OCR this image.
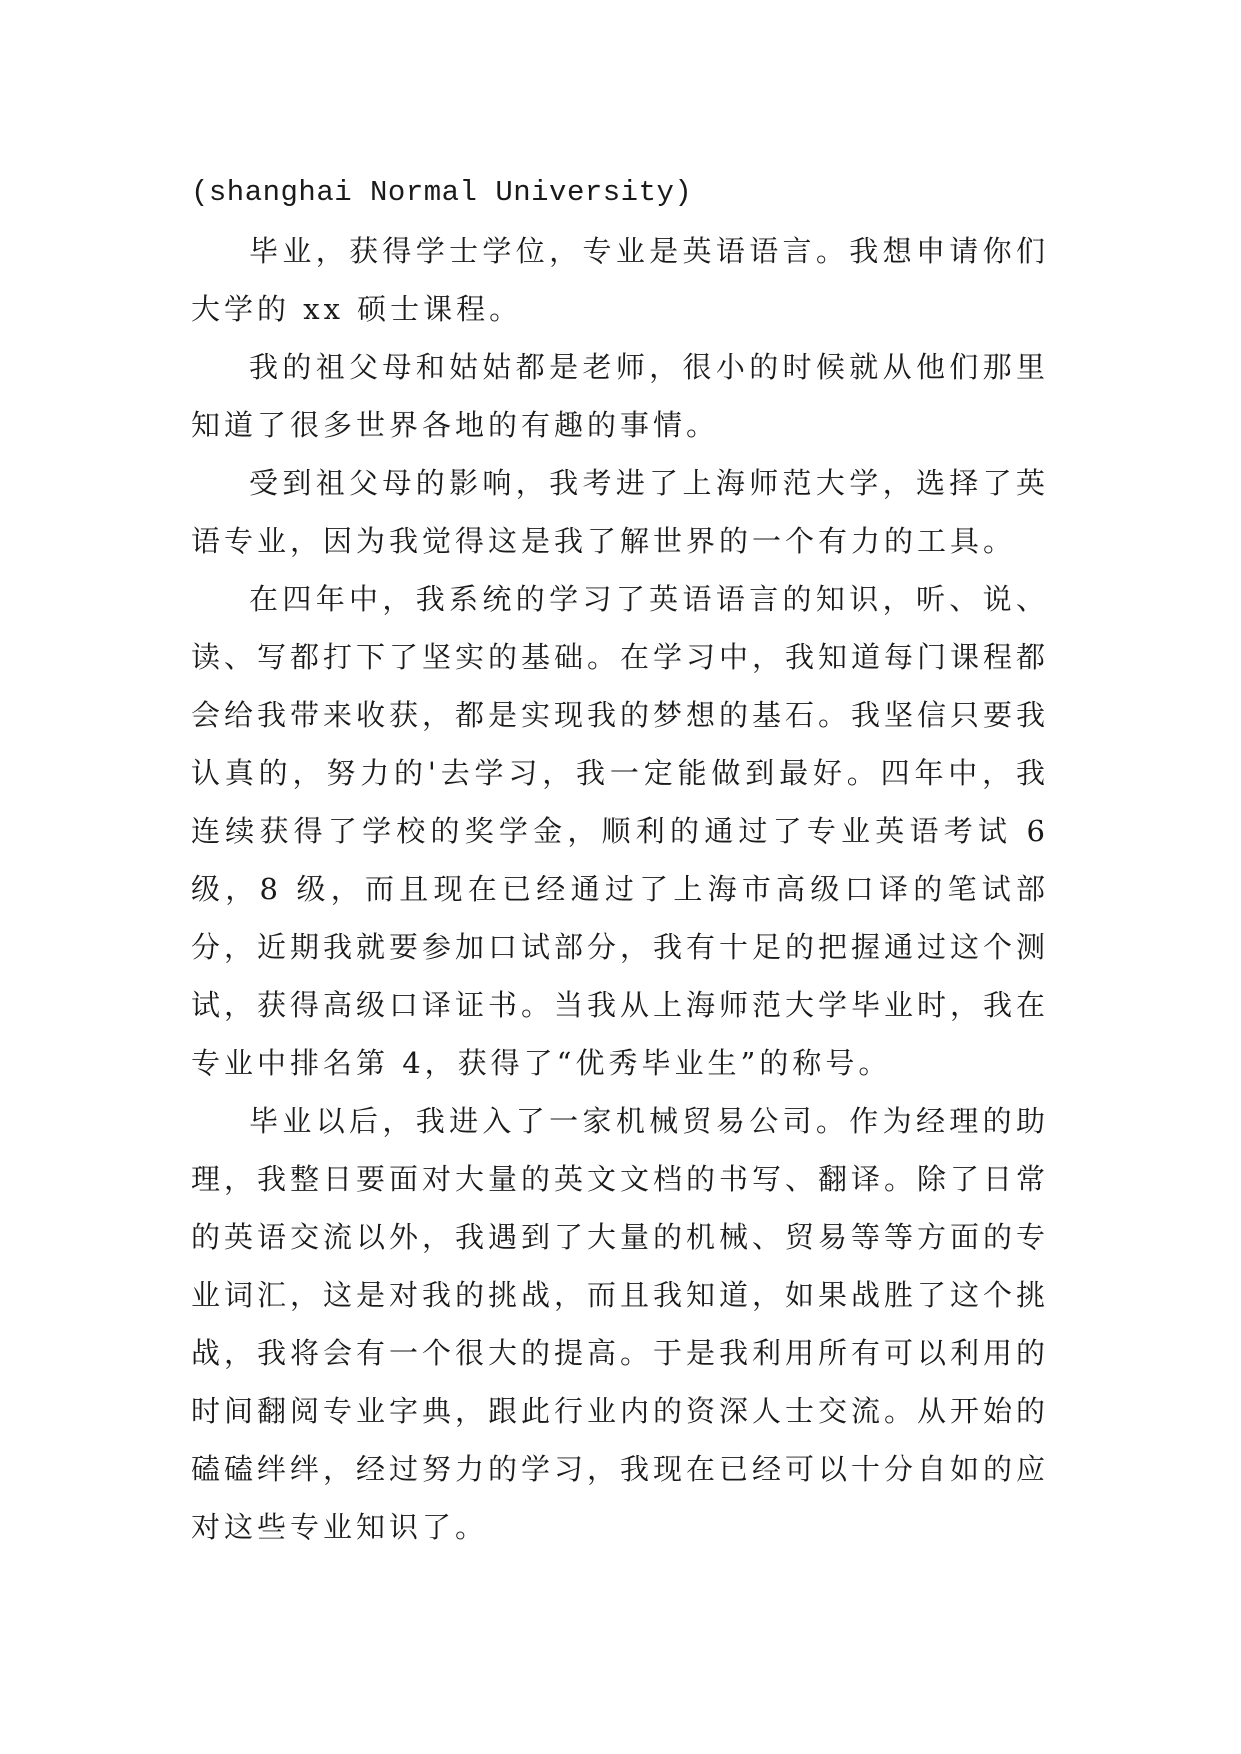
(shanghai Normal University)

毕业，获得学士学位，专业是英语语言。我想申请你们大学的 xx 硕士课程。

我的祖父母和姑姑都是老师，很小的时候就从他们那里知道了很多世界各地的有趣的事情。

受到祖父母的影响，我考进了上海师范大学，选择了英语专业，因为我觉得这是我了解世界的一个有力的工具。

在四年中，我系统的学习了英语语言的知识，听、说、读、写都打下了坚实的基础。在学习中，我知道每门课程都会给我带来收获，都是实现我的梦想的基石。我坚信只要我认真的，努力的'去学习，我一定能做到最好。四年中，我连续获得了学校的奖学金，顺利的通过了专业英语考试 6 级，8 级，而且现在已经通过了上海市高级口译的笔试部分，近期我就要参加口试部分，我有十足的把握通过这个测试，获得高级口译证书。当我从上海师范大学毕业时，我在专业中排名第 4，获得了“优秀毕业生”的称号。

毕业以后，我进入了一家机械贸易公司。作为经理的助理，我整日要面对大量的英文文档的书写、翻译。除了日常的英语交流以外，我遇到了大量的机械、贸易等等方面的专业词汇，这是对我的挑战，而且我知道，如果战胜了这个挑战，我将会有一个很大的提高。于是我利用所有可以利用的时间翻阅专业字典，跟此行业内的资深人士交流。从开始的磕磕绊绊，经过努力的学习，我现在已经可以十分自如的应对这些专业知识了。
